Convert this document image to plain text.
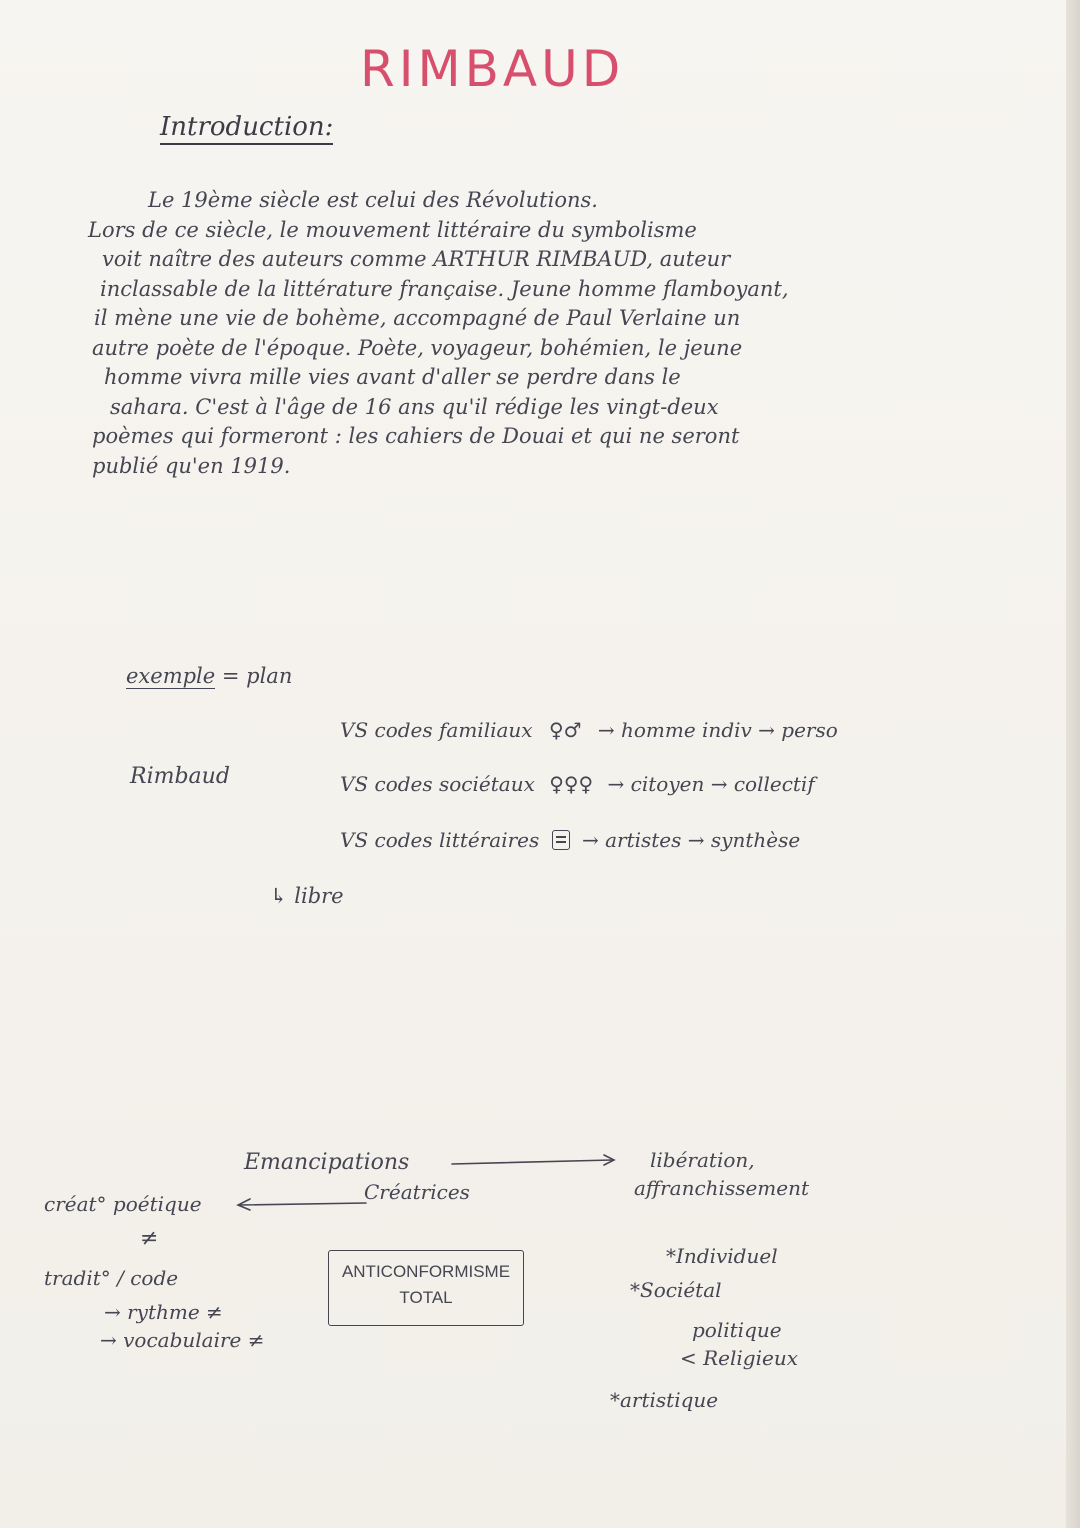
RIMBAUD
Introduction:

Le 19ème siècle est celui des Révolutions.

Lors de ce siècle, le mouvement littéraire du symbolisme

voit naître des auteurs comme ARTHUR RIMBAUD, auteur

inclassable de la littérature française. Jeune homme flamboyant,

il mène une vie de bohème, accompagné de Paul Verlaine un

autre poète de l'époque. Poète, voyageur, bohémien, le jeune

homme vivra mille vies avant d'aller se perdre dans le

sahara. C'est à l'âge de 16 ans qu'il rédige les vingt-deux

poèmes qui formeront : les cahiers de Douai et qui ne seront

publié qu'en 1919.

exemple = plan
Rimbaud
VS codes familiaux ♀︎♂︎ → homme indiv → perso
VS codes sociétaux ♀♀♀ → citoyen → collectif
VS codes littéraires → artistes → synthèse
↳ libre
Emancipations
Créatrices
libération,
affranchissement
créat° poétique
≠
tradit° / code
→ rythme ≠
→ vocabulaire ≠
ANTICONFORMISME
TOTAL
*Individuel
*Sociétal
politique
< Religieux
*artistique
